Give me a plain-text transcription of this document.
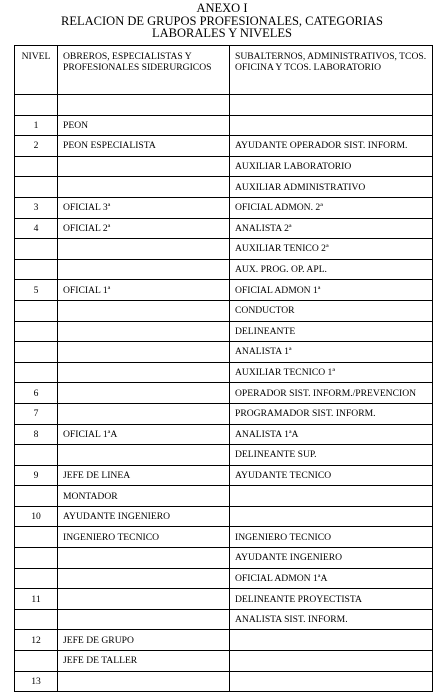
ANEXO I
RELACION DE GRUPOS PROFESIONALES, CATEGORIAS
LABORALES Y NIVELES
NIVEL	OBREROS, ESPECIALISTAS Y PROFESIONALES SIDERURGICOS	SUBALTERNOS, ADMINISTRATIVOS, TCOS. OFICINA Y TCOS. LABORATORIO

1	PEON	
2	PEON ESPECIALISTA	AYUDANTE OPERADOR SIST. INFORM.
		AUXILIAR LABORATORIO
		AUXILIAR ADMINISTRATIVO
3	OFICIAL 3ª	OFICIAL ADMON. 2ª
4	OFICIAL 2ª	ANALISTA 2ª
		AUXILIAR TENICO 2ª
		AUX. PROG. OP. APL.
5	OFICIAL 1ª	OFICIAL ADMON 1ª
		CONDUCTOR
		DELINEANTE
		ANALISTA 1ª
		AUXILIAR TECNICO 1ª
6		OPERADOR SIST. INFORM./PREVENCION
7		PROGRAMADOR SIST. INFORM.
8	OFICIAL 1ªA	ANALISTA 1ªA
		DELINEANTE SUP.
9	JEFE DE LINEA	AYUDANTE TECNICO
	MONTADOR	
10	AYUDANTE INGENIERO	
	INGENIERO TECNICO	INGENIERO TECNICO
		AYUDANTE INGENIERO
		OFICIAL ADMON 1ªA
11		DELINEANTE PROYECTISTA
		ANALISTA SIST. INFORM.
12	JEFE DE GRUPO	
	JEFE DE TALLER	
13		
